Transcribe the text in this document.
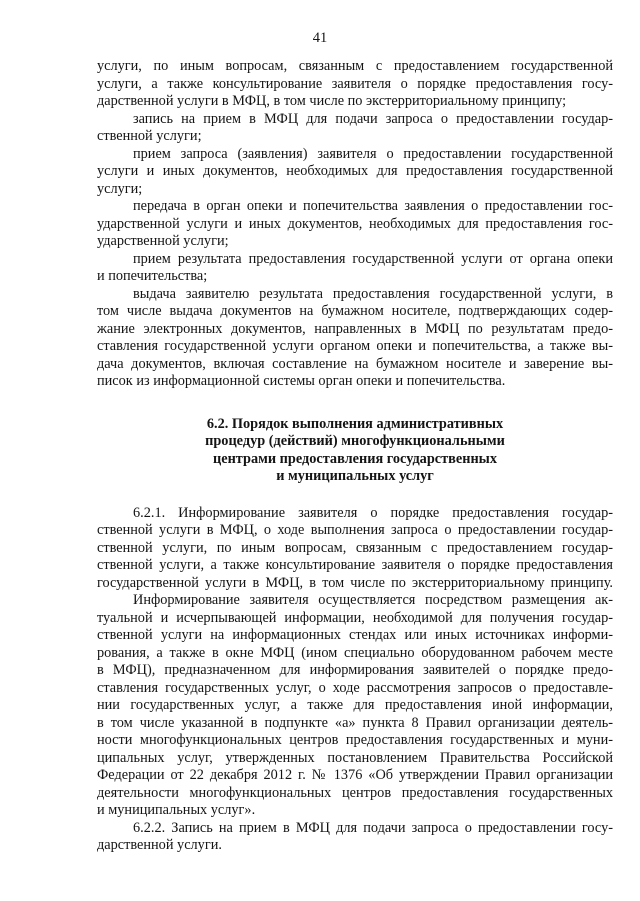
41
услуги, по иным вопросам, связанным с предоставлением государственной
услуги, а также консультирование заявителя о порядке предоставления госу-
дарственной услуги в МФЦ, в том числе по экстерриториальному принципу;
запись на прием в МФЦ для подачи запроса о предоставлении государ-
ственной услуги;
прием запроса (заявления) заявителя о предоставлении государственной
услуги и иных документов, необходимых для предоставления государственной
услуги;
передача в орган опеки и попечительства заявления о предоставлении гос-
ударственной услуги и иных документов, необходимых для предоставления гос-
ударственной услуги;
прием результата предоставления государственной услуги от органа опеки
и попечительства;
выдача заявителю результата предоставления государственной услуги, в
том числе выдача документов на бумажном носителе, подтверждающих содер-
жание электронных документов, направленных в МФЦ по результатам предо-
ставления государственной услуги органом опеки и попечительства, а также вы-
дача документов, включая составление на бумажном носителе и заверение вы-
писок из информационной системы орган опеки и попечительства.
6.2. Порядок выполнения административных
процедур (действий) многофункциональными
центрами предоставления государственных
и муниципальных услуг
6.2.1. Информирование заявителя о порядке предоставления государ-
ственной услуги в МФЦ, о ходе выполнения запроса о предоставлении государ-
ственной услуги, по иным вопросам, связанным с предоставлением государ-
ственной услуги, а также консультирование заявителя о порядке предоставления
государственной услуги в МФЦ, в том числе по экстерриториальному принципу.
Информирование заявителя осуществляется посредством размещения ак-
туальной и исчерпывающей информации, необходимой для получения государ-
ственной услуги на информационных стендах или иных источниках информи-
рования, а также в окне МФЦ (ином специально оборудованном рабочем месте
в МФЦ), предназначенном для информирования заявителей о порядке предо-
ставления государственных услуг, о ходе рассмотрения запросов о предоставле-
нии государственных услуг, а также для предоставления иной информации,
в том числе указанной в подпункте «а» пункта 8 Правил организации деятель-
ности многофункциональных центров предоставления государственных и муни-
ципальных услуг, утвержденных постановлением Правительства Российской
Федерации от 22 декабря 2012 г. № 1376 «Об утверждении Правил организации
деятельности многофункциональных центров предоставления государственных
и муниципальных услуг».
6.2.2. Запись на прием в МФЦ для подачи запроса о предоставлении госу-
дарственной услуги.
